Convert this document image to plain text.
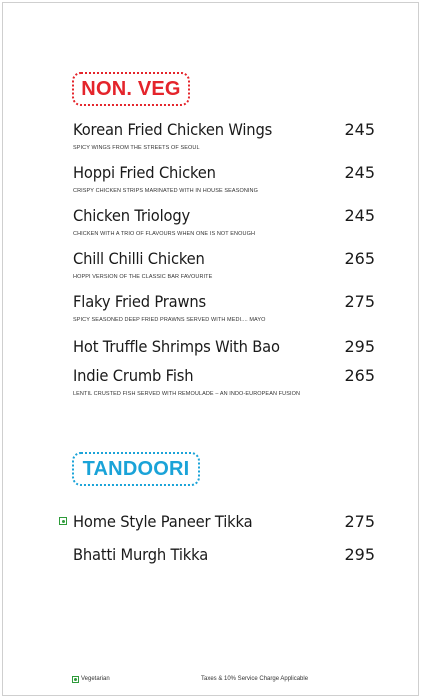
NON. VEG
Korean Fried Chicken Wings	245
SPICY WINGS FROM THE STREETS OF SEOUL
Hoppi Fried Chicken	245
CRISPY CHICKEN STRIPS MARINATED WITH IN HOUSE SEASONING
Chicken Triology	245
CHICKEN WITH A TRIO OF FLAVOURS WHEN ONE IS NOT ENOUGH
Chill Chilli Chicken	265
HOPPI VERSION OF THE CLASSIC BAR FAVOURITE
Flaky Fried Prawns	275
SPICY SEASONED DEEP FRIED PRAWNS SERVED WITH MEDI.... MAYO
Hot Truffle Shrimps With Bao	295
Indie Crumb Fish	265
LENTIL CRUSTED FISH SERVED WITH REMOULADE – AN INDO-EUROPEAN FUSION
TANDOORI
Home Style Paneer Tikka	275
Bhatti Murgh Tikka	295
Vegetarian	Taxes & 10% Service Charge Applicable
